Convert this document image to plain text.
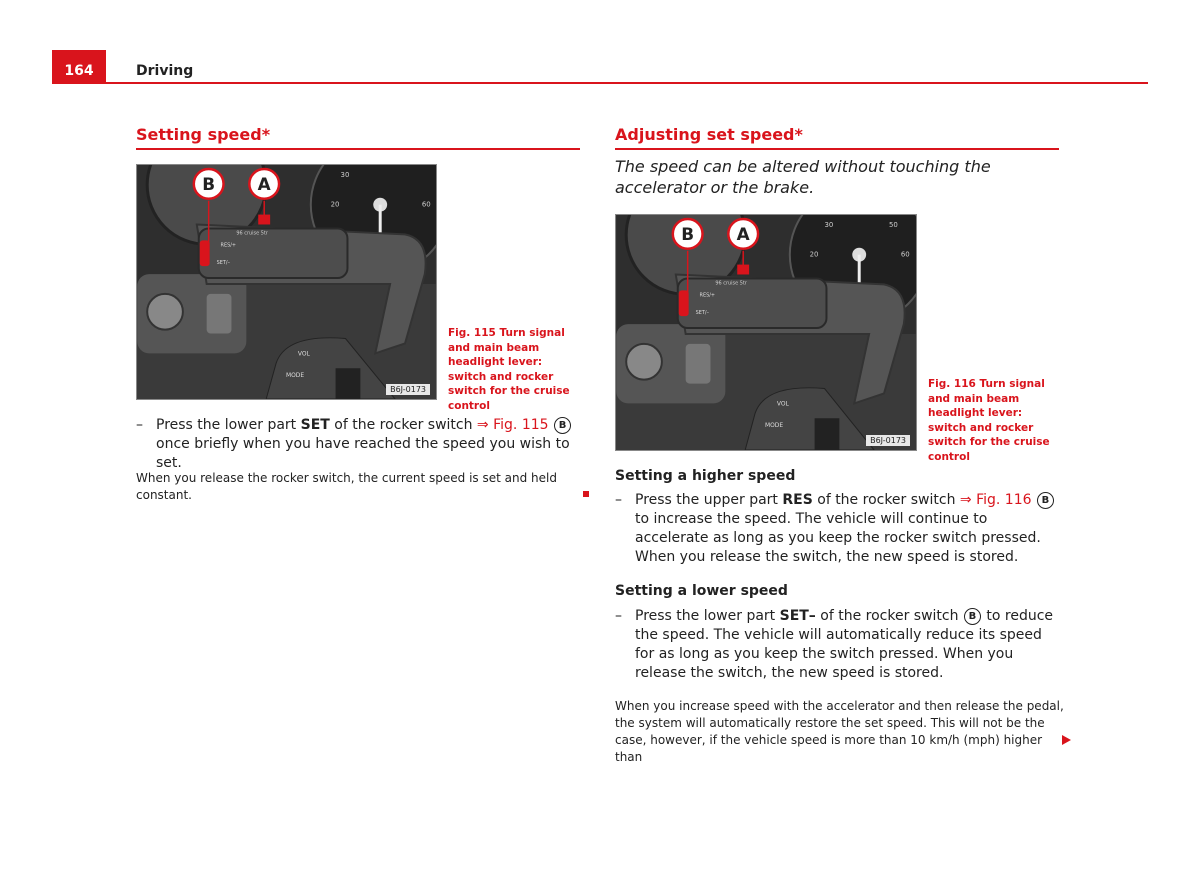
164	Driving
Setting speed*
30
20	60
96 cruise 5tr
RES/+
SET/–
VOL
MODE
B	A
B6J-0173
Fig. 115 Turn signal and main beam headlight lever: switch and rocker switch for the cruise control
– Press the lower part SET of the rocker switch ⇒ Fig. 115 B once briefly when you have reached the speed you wish to set.
When you release the rocker switch, the current speed is set and held constant.
Adjusting set speed*
The speed can be altered without touching the accelerator or the brake.
30	50
20	60
96 cruise 5tr
RES/+
SET/–
VOL
MODE
B	A
B6J-0173
Fig. 116 Turn signal and main beam headlight lever: switch and rocker switch for the cruise control
Setting a higher speed
– Press the upper part RES of the rocker switch ⇒ Fig. 116 B to increase the speed. The vehicle will continue to accelerate as long as you keep the rocker switch pressed. When you release the switch, the new speed is stored.
Setting a lower speed
– Press the lower part SET– of the rocker switch B to reduce the speed. The vehicle will automatically reduce its speed for as long as you keep the switch pressed. When you release the switch, the new speed is stored.
When you increase speed with the accelerator and then release the pedal, the system will automatically restore the set speed. This will not be the case, however, if the vehicle speed is more than 10 km/h (mph) higher than
